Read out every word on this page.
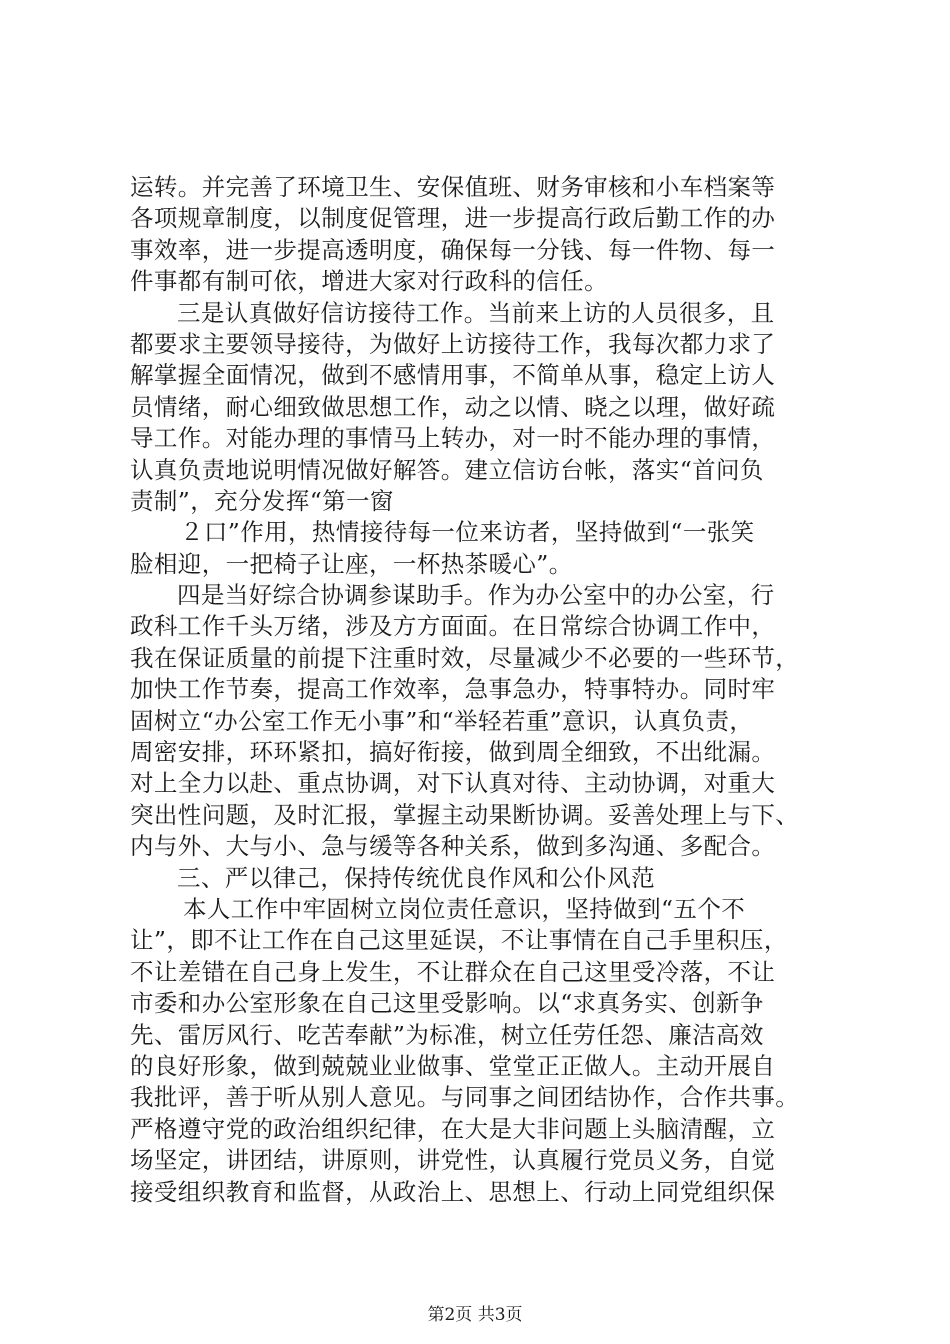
运转。并完善了环境卫生、安保值班、财务审核和小车档案等
各项规章制度，以制度促管理，进一步提高行政后勤工作的办
事效率，进一步提高透明度，确保每一分钱、每一件物、每一
件事都有制可依，增进大家对行政科的信任。
三是认真做好信访接待工作。当前来上访的人员很多，且
都要求主要领导接待，为做好上访接待工作，我每次都力求了
解掌握全面情况，做到不感情用事，不简单从事，稳定上访人
员情绪，耐心细致做思想工作，动之以情、晓之以理，做好疏
导工作。对能办理的事情马上转办，对一时不能办理的事情，
认真负责地说明情况做好解答。建立信访台帐，落实“首问负
责制”，充分发挥“第一窗
２口”作用，热情接待每一位来访者，坚持做到“一张笑
脸相迎，一把椅子让座，一杯热茶暖心”。
四是当好综合协调参谋助手。作为办公室中的办公室，行
政科工作千头万绪，涉及方方面面。在日常综合协调工作中，
我在保证质量的前提下注重时效，尽量减少不必要的一些环节，
加快工作节奏，提高工作效率，急事急办，特事特办。同时牢
固树立“办公室工作无小事”和“举轻若重”意识，认真负责，
周密安排，环环紧扣，搞好衔接，做到周全细致，不出纰漏。
对上全力以赴、重点协调，对下认真对待、主动协调，对重大
突出性问题，及时汇报，掌握主动果断协调。妥善处理上与下、
内与外、大与小、急与缓等各种关系，做到多沟通、多配合。
三、严以律己，保持传统优良作风和公仆风范
本人工作中牢固树立岗位责任意识，坚持做到“五个不
让”，即不让工作在自己这里延误，不让事情在自己手里积压，
不让差错在自己身上发生，不让群众在自己这里受冷落，不让
市委和办公室形象在自己这里受影响。以“求真务实、创新争
先、雷厉风行、吃苦奉献”为标准，树立任劳任怨、廉洁高效
的良好形象，做到兢兢业业做事、堂堂正正做人。主动开展自
我批评，善于听从别人意见。与同事之间团结协作，合作共事。
严格遵守党的政治组织纪律，在大是大非问题上头脑清醒，立
场坚定，讲团结，讲原则，讲党性，认真履行党员义务，自觉
接受组织教育和监督，从政治上、思想上、行动上同党组织保
第2页 共3页
